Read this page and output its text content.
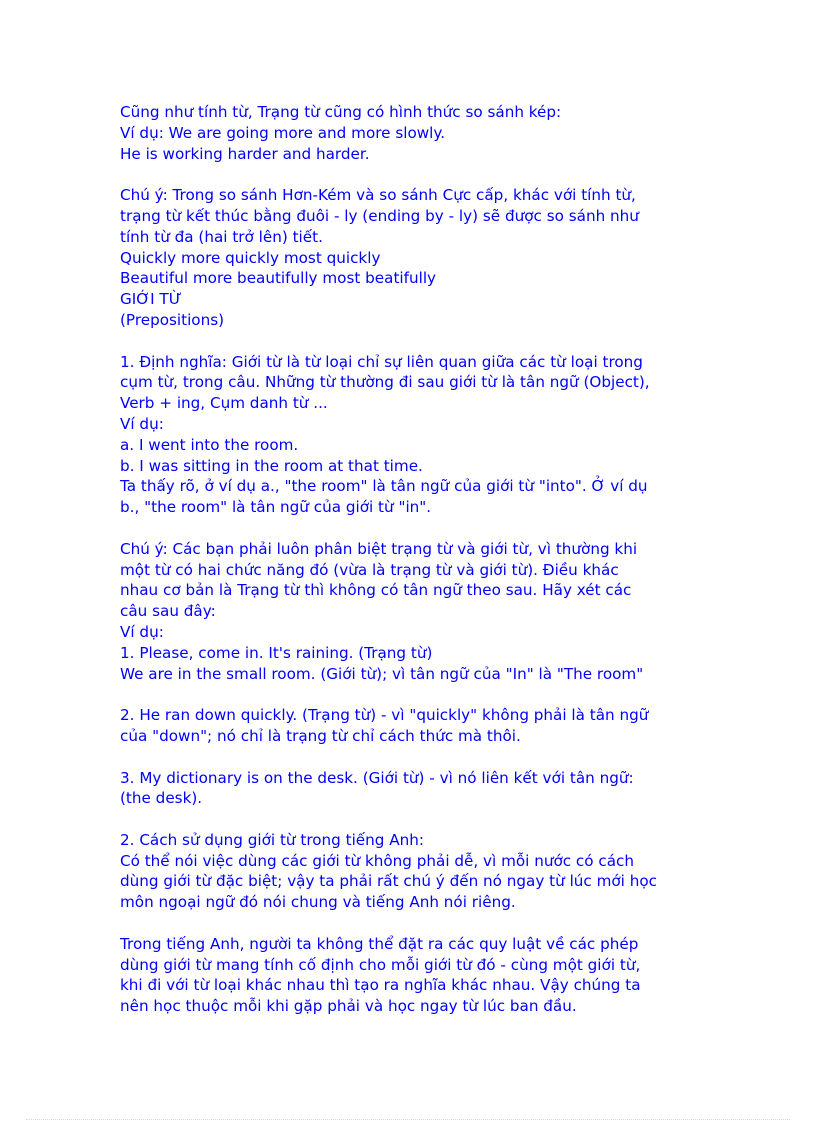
Cũng như tính từ, Trạng từ cũng có hình thức so sánh kép:
Ví dụ: We are going more and more slowly.
He is working harder and harder.
Chú ý: Trong so sánh Hơn-Kém và so sánh Cực cấp, khác với tính từ,
trạng từ kết thúc bằng đuôi - ly (ending by - ly) sẽ được so sánh như
tính từ đa (hai trở lên) tiết.
Quickly more quickly most quickly
Beautiful more beautifully most beatifully
GIỚI TỪ
(Prepositions)
1. Định nghĩa: Giới từ là từ loại chỉ sự liên quan giữa các từ loại trong
cụm từ, trong câu. Những từ thường đi sau giới từ là tân ngữ (Object),
Verb + ing, Cụm danh từ ...
Ví dụ:
a. I went into the room.
b. I was sitting in the room at that time.
Ta thấy rõ, ở ví dụ a., "the room" là tân ngữ của giới từ "into". Ở ví dụ
b., "the room" là tân ngữ của giới từ "in".
Chú ý: Các bạn phải luôn phân biệt trạng từ và giới từ, vì thường khi
một từ có hai chức năng đó (vừa là trạng từ và giới từ). Điều khác
nhau cơ bản là Trạng từ thì không có tân ngữ theo sau. Hãy xét các
câu sau đây:
Ví dụ:
1. Please, come in. It's raining. (Trạng từ)
We are in the small room. (Giới từ); vì tân ngữ của "In" là "The room"
2. He ran down quickly. (Trạng từ) - vì "quickly" không phải là tân ngữ
của "down"; nó chỉ là trạng từ chỉ cách thức mà thôi.
3. My dictionary is on the desk. (Giới từ) - vì nó liên kết với tân ngữ:
(the desk).
2. Cách sử dụng giới từ trong tiếng Anh:
Có thể nói việc dùng các giới từ không phải dễ, vì mỗi nước có cách
dùng giới từ đặc biệt; vậy ta phải rất chú ý đến nó ngay từ lúc mới học
môn ngoại ngữ đó nói chung và tiếng Anh nói riêng.
Trong tiếng Anh, người ta không thể đặt ra các quy luật về các phép
dùng giới từ mang tính cố định cho mỗi giới từ đó - cùng một giới từ,
khi đi với từ loại khác nhau thì tạo ra nghĩa khác nhau. Vậy chúng ta
nên học thuộc mỗi khi gặp phải và học ngay từ lúc ban đầu.
